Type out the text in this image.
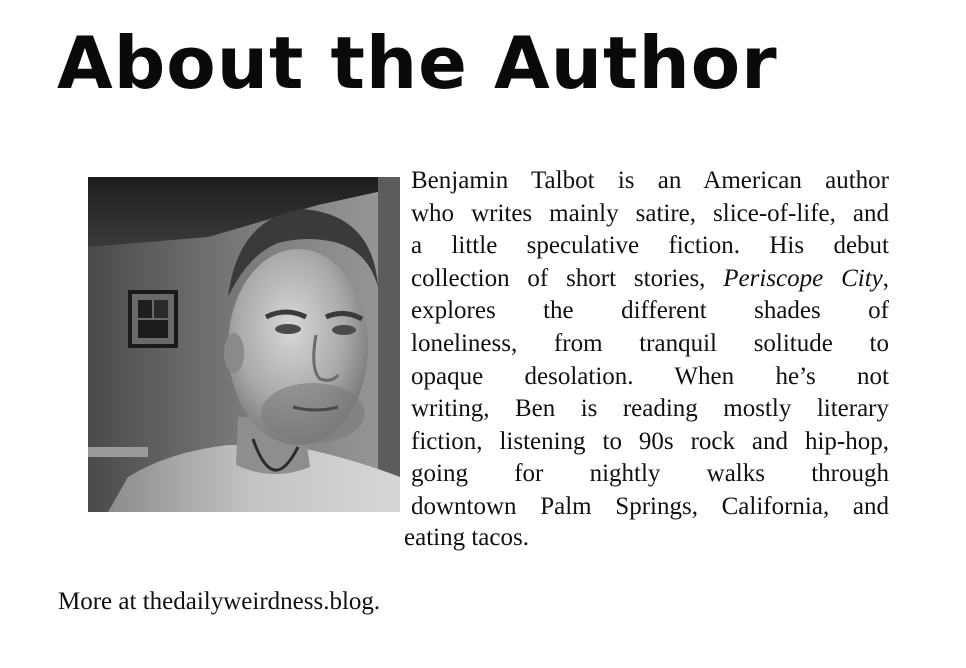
About the Author
Benjamin Talbot is an American author
who writes mainly satire, slice-of-life, and
a little speculative fiction. His debut
collection of short stories, Periscope City,
explores the different shades of
loneliness, from tranquil solitude to
opaque desolation. When he’s not
writing, Ben is reading mostly literary
fiction, listening to 90s rock and hip-hop,
going for nightly walks through
downtown Palm Springs, California, and
eating tacos.
More at thedailyweirdness.blog.
